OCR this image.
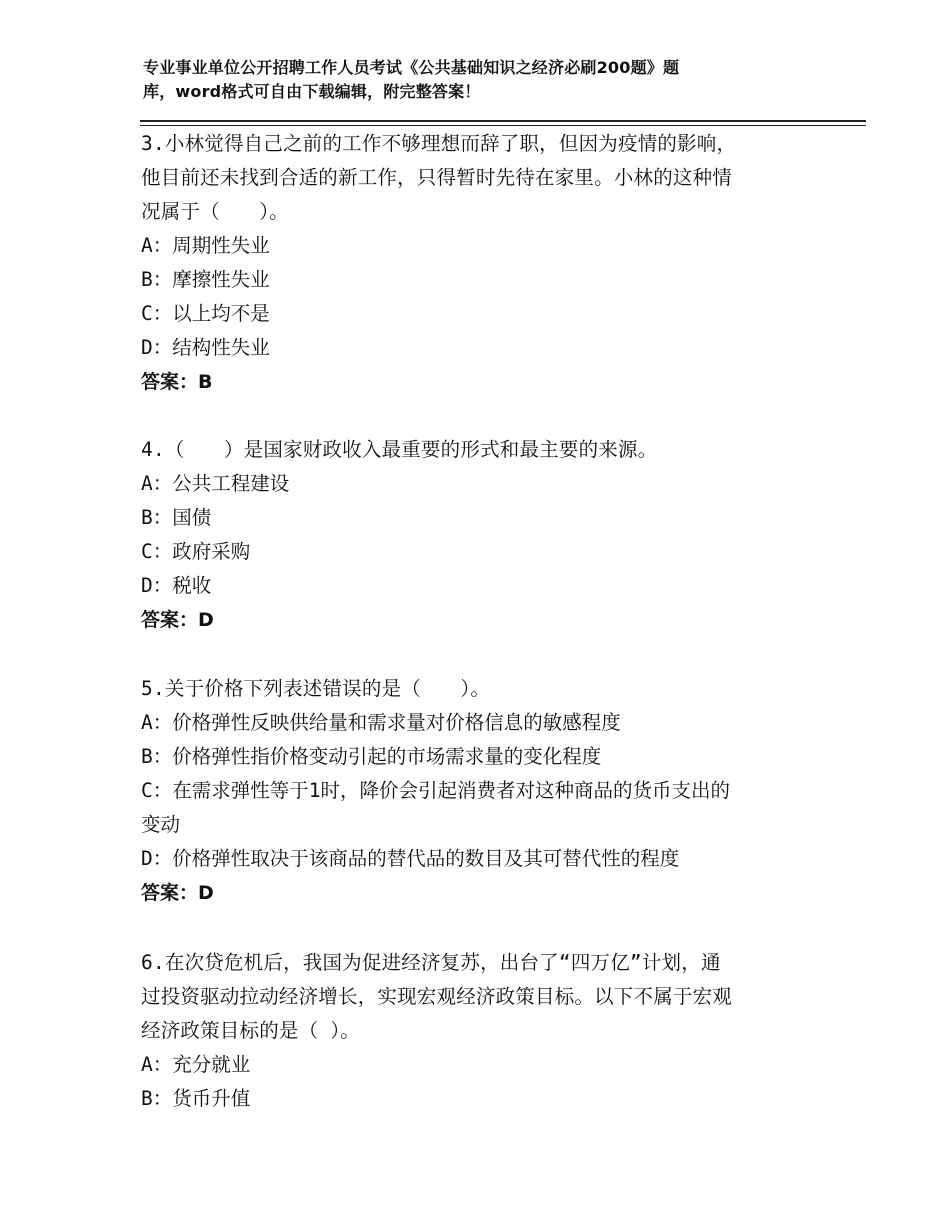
专业事业单位公开招聘工作人员考试《公共基础知识之经济必刷200题》题
库，word格式可自由下载编辑，附完整答案！
3.小林觉得自己之前的工作不够理想而辞了职，但因为疫情的影响，
他目前还未找到合适的新工作，只得暂时先待在家里。小林的这种情
况属于（　　）。
A：周期性失业
B：摩擦性失业
C：以上均不是
D：结构性失业
答案：B
4.（　　）是国家财政收入最重要的形式和最主要的来源。
A：公共工程建设
B：国债
C：政府采购
D：税收
答案：D
5.关于价格下列表述错误的是（　　）。
A：价格弹性反映供给量和需求量对价格信息的敏感程度
B：价格弹性指价格变动引起的市场需求量的变化程度
C：在需求弹性等于1时，降价会引起消费者对这种商品的货币支出的
变动
D：价格弹性取决于该商品的替代品的数目及其可替代性的程度
答案：D
6.在次贷危机后，我国为促进经济复苏，出台了“四万亿”计划，通
过投资驱动拉动经济增长，实现宏观经济政策目标。以下不属于宏观
经济政策目标的是（ ）。
A：充分就业
B：货币升值
